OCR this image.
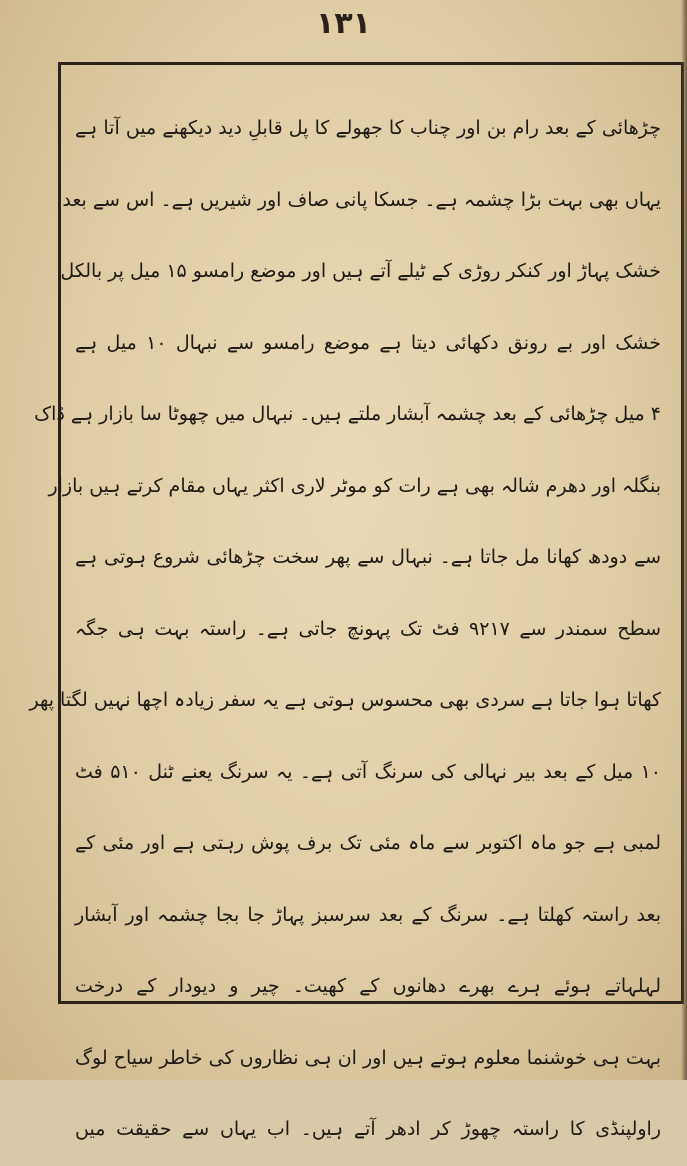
١٣١
چڑھائی کے بعد رام بن اور چناب کا جھولے کا پل قابلِ دید دیکھنے میں آتا ہے
یہاں بھی بہت بڑا چشمہ ہے۔ جسکا پانی صاف اور شیریں ہے۔ اس سے بعد
خشک پہاڑ اور کنکر روڑی کے ٹیلے آتے ہیں اور موضع رامسو ۱۵ میل پر بالکل
خشک اور بے رونق دکھائی دیتا ہے موضع رامسو سے نبہال ۱۰ میل ہے
۴ میل چڑھائی کے بعد چشمہ آبشار ملتے ہیں۔ نبہال میں چھوٹا سا بازار ہے ڈاک
بنگلہ اور دھرم شالہ بھی ہے رات کو موٹر لاری اکثر یہاں مقام کرتے ہیں بازار
سے دودھ کھانا مل جاتا ہے۔ نبہال سے پھر سخت چڑھائی شروع ہوتی ہے
سطح سمندر سے ۹۲۱۷ فٹ تک پہونچ جاتی ہے۔ راستہ بہت ہی جگہ
کھاتا ہوا جاتا ہے سردی بھی محسوس ہوتی ہے یہ سفر زیادہ اچھا نہیں لگتا پھر
۱۰ میل کے بعد بیر نہالی کی سرنگ آتی ہے۔ یہ سرنگ یعنے ٹنل ۵۱۰ فٹ
لمبی ہے جو ماہ اکتوبر سے ماہ مئی تک برف پوش رہتی ہے اور مئی کے
بعد راستہ کھلتا ہے۔ سرنگ کے بعد سرسبز پہاڑ جا بجا چشمہ اور آبشار
لہلہاتے ہوئے ہرے بھرے دھانوں کے کھیت۔ چیر و دیودار کے درخت
بہت ہی خوشنما معلوم ہوتے ہیں اور ان ہی نظاروں کی خاطر سیاح لوگ
راولپنڈی کا راستہ چھوڑ کر ادھر آتے ہیں۔ اب یہاں سے حقیقت میں
